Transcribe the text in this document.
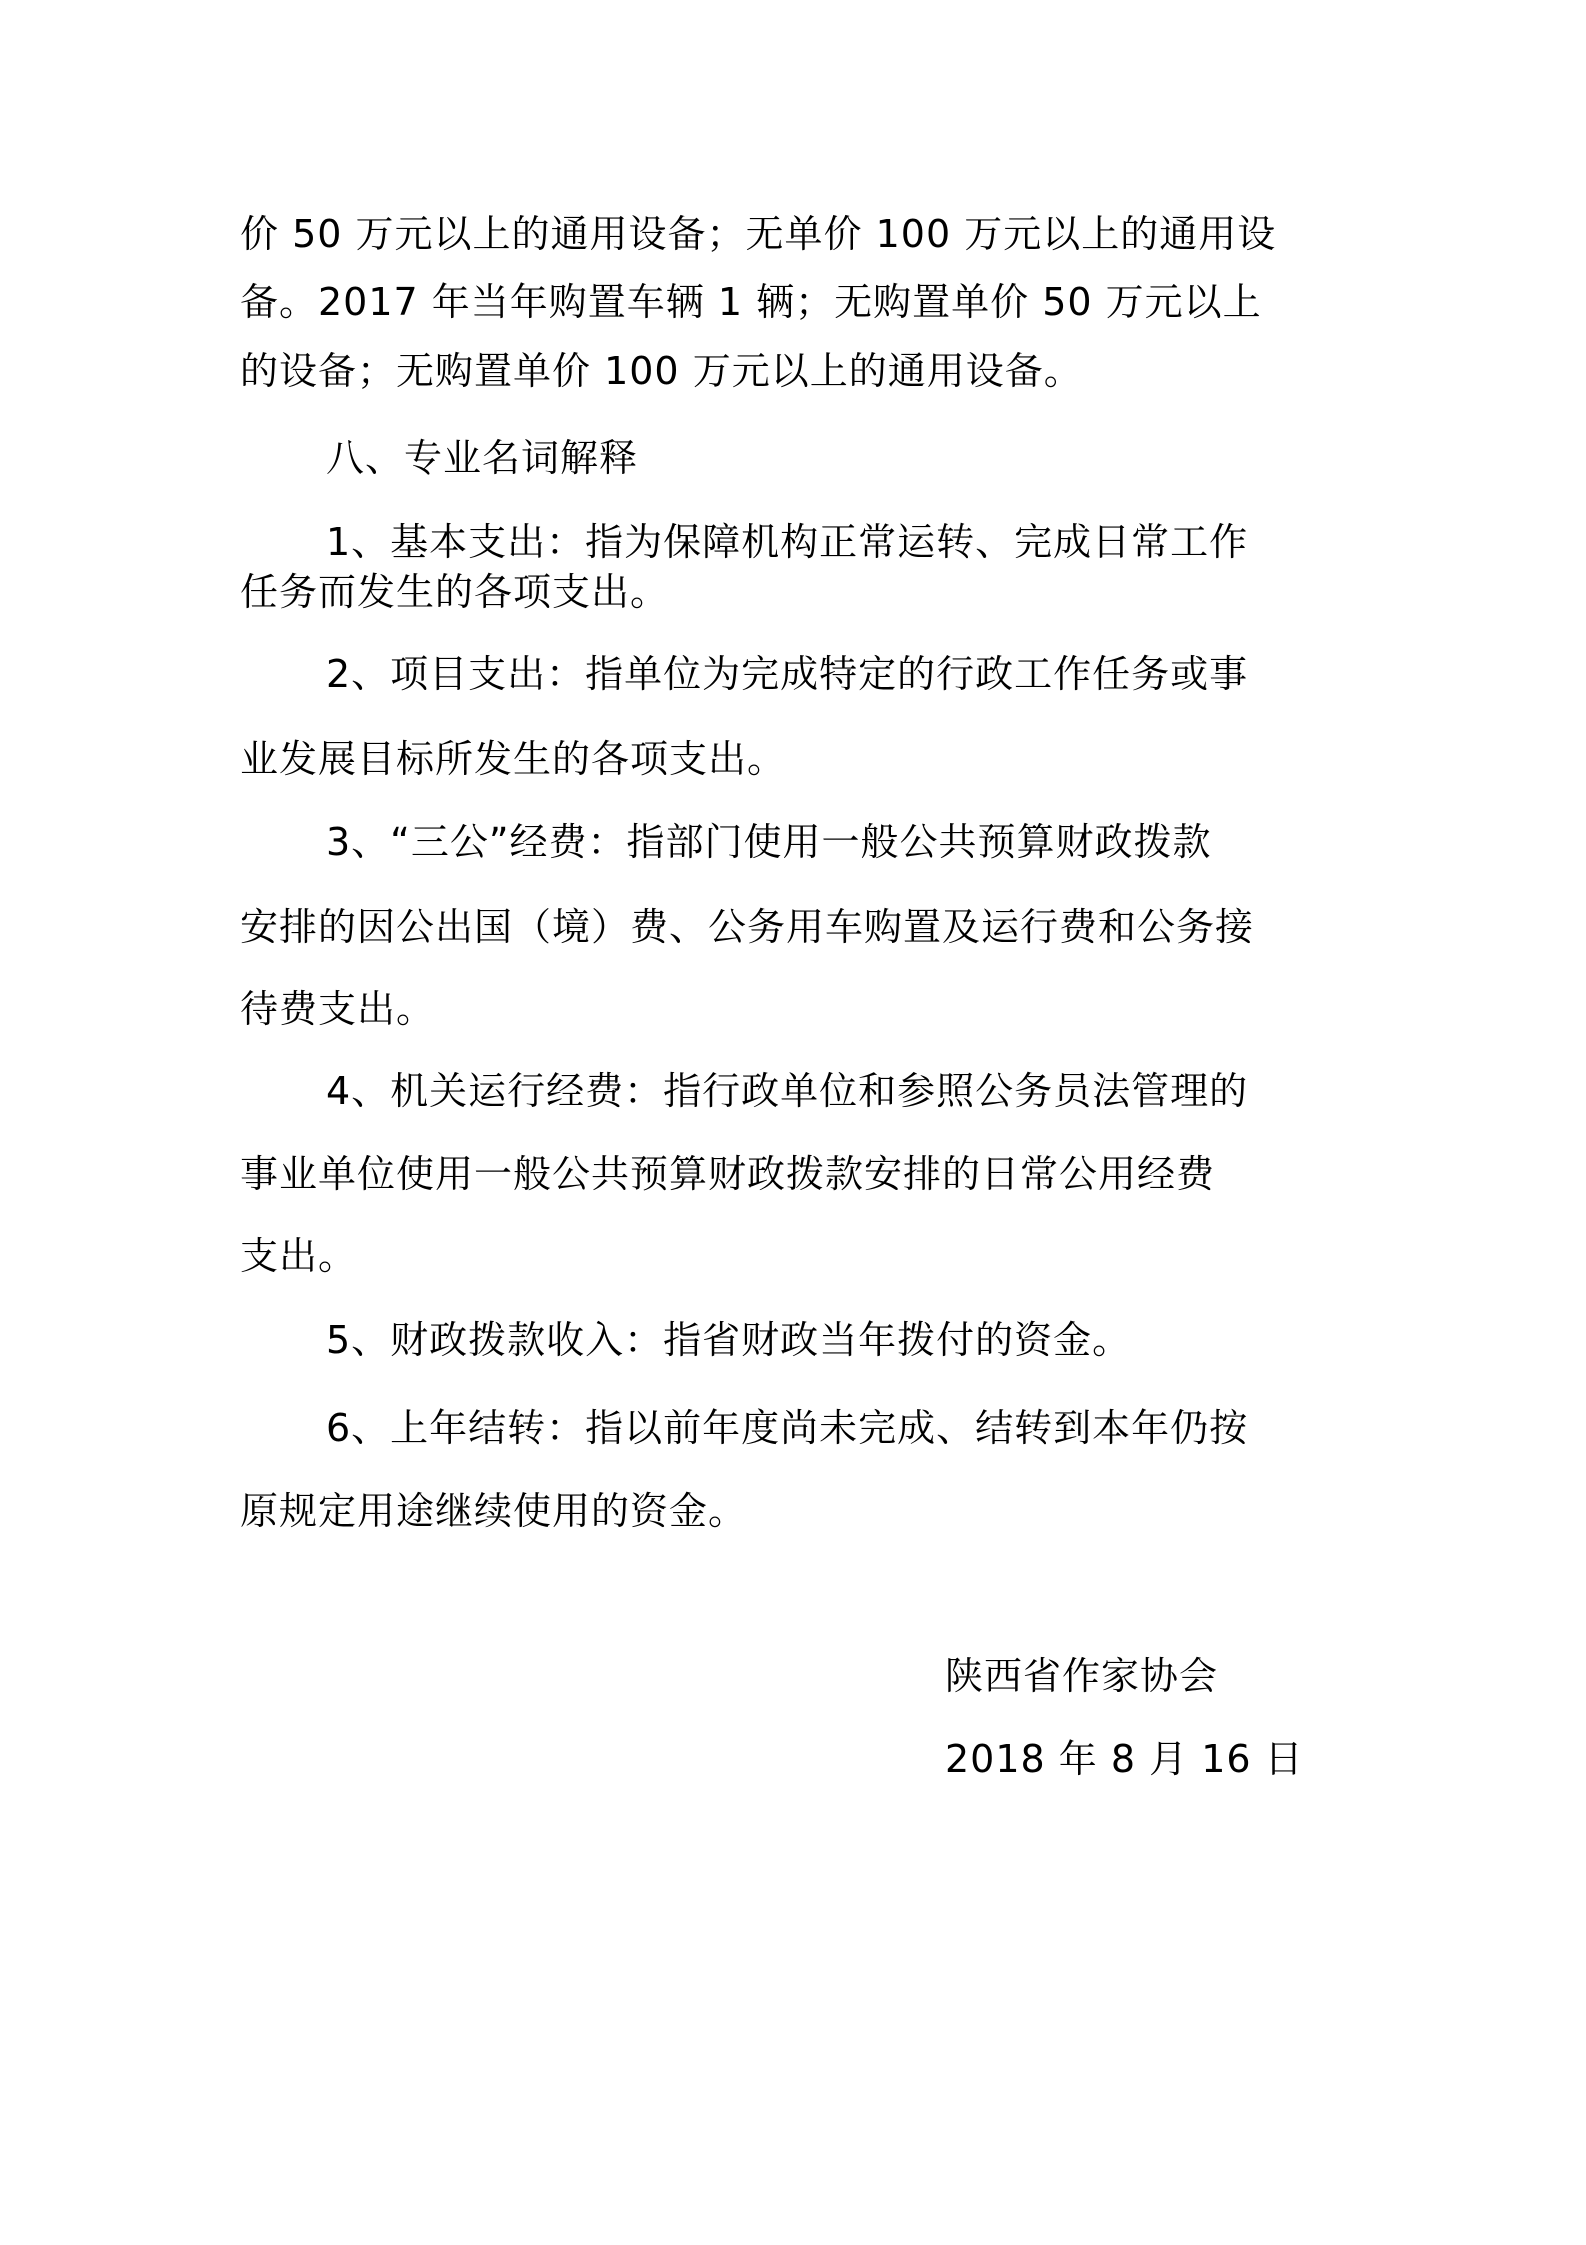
价 50 万元以上的通用设备；无单价 100 万元以上的通用设
备。2017 年当年购置车辆 1 辆；无购置单价 50 万元以上
的设备；无购置单价 100 万元以上的通用设备。
八、专业名词解释
1、基本支出：指为保障机构正常运转、完成日常工作
任务而发生的各项支出。
2、项目支出：指单位为完成特定的行政工作任务或事
业发展目标所发生的各项支出。
3、“三公”经费：指部门使用一般公共预算财政拨款
安排的因公出国（境）费、公务用车购置及运行费和公务接
待费支出。
4、机关运行经费：指行政单位和参照公务员法管理的
事业单位使用一般公共预算财政拨款安排的日常公用经费
支出。
5、财政拨款收入：指省财政当年拨付的资金。
6、上年结转：指以前年度尚未完成、结转到本年仍按
原规定用途继续使用的资金。
陕西省作家协会
2018 年 8 月 16 日
